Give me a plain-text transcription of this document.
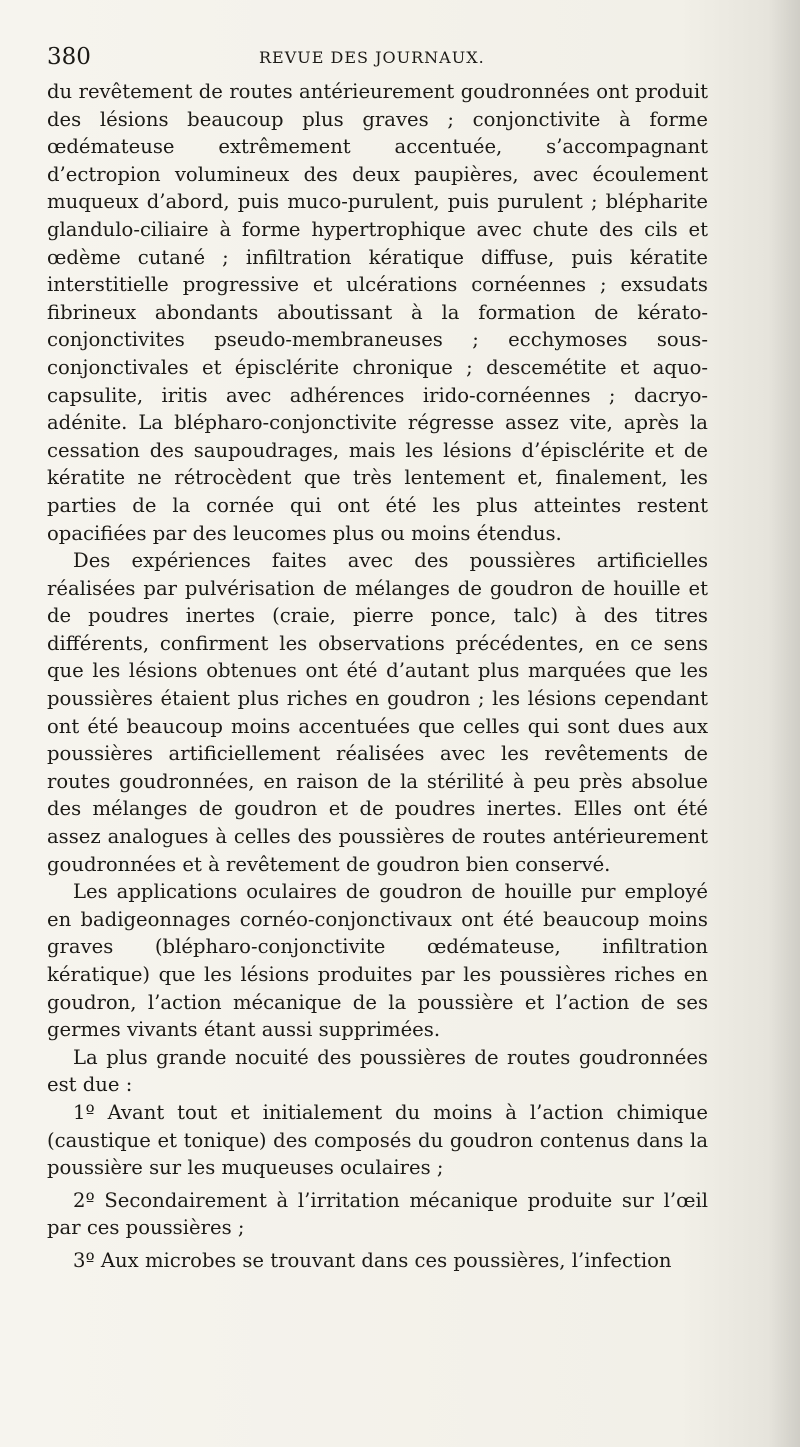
380	REVUE DES JOURNAUX.

du revêtement de routes antérieurement goudronnées ont produit des lésions beaucoup plus graves ; conjonctivite à forme œdémateuse extrêmement accentuée, s’accompagnant d’ectropion volumineux des deux paupières, avec écoulement muqueux d’abord, puis muco-purulent, puis purulent ; blépharite glandulo-ciliaire à forme hypertrophique avec chute des cils et œdème cutané ; infiltration kératique diffuse, puis kératite interstitielle progressive et ulcérations cornéennes ; exsudats fibrineux abondants aboutissant à la formation de kérato-conjonctivites pseudo-membraneuses ; ecchymoses sous-conjonctivales et épisclérite chronique ; descemétite et aquo-capsulite, iritis avec adhérences irido-cornéennes ; dacryo-adénite. La blépharo-conjonctivite régresse assez vite, après la cessation des saupoudrages, mais les lésions d’épisclérite et de kératite ne rétrocèdent que très lentement et, finalement, les parties de la cornée qui ont été les plus atteintes restent opacifiées par des leucomes plus ou moins étendus.

Des expériences faites avec des poussières artificielles réalisées par pulvérisation de mélanges de goudron de houille et de poudres inertes (craie, pierre ponce, talc) à des titres différents, confirment les observations précédentes, en ce sens que les lésions obtenues ont été d’autant plus marquées que les poussières étaient plus riches en goudron ; les lésions cependant ont été beaucoup moins accentuées que celles qui sont dues aux poussières artificiellement réalisées avec les revêtements de routes goudronnées, en raison de la stérilité à peu près absolue des mélanges de goudron et de poudres inertes. Elles ont été assez analogues à celles des poussières de routes antérieurement goudronnées et à revêtement de goudron bien conservé.

Les applications oculaires de goudron de houille pur employé en badigeonnages cornéo-conjonctivaux ont été beaucoup moins graves (blépharo-conjonctivite œdémateuse, infiltration kératique) que les lésions produites par les poussières riches en goudron, l’action mécanique de la poussière et l’action de ses germes vivants étant aussi supprimées.

La plus grande nocuité des poussières de routes goudronnées est due :

1º Avant tout et initialement du moins à l’action chimique (caustique et tonique) des composés du goudron contenus dans la poussière sur les muqueuses oculaires ;

2º Secondairement à l’irritation mécanique produite sur l’œil par ces poussières ;

3º Aux microbes se trouvant dans ces poussières, l’infection
